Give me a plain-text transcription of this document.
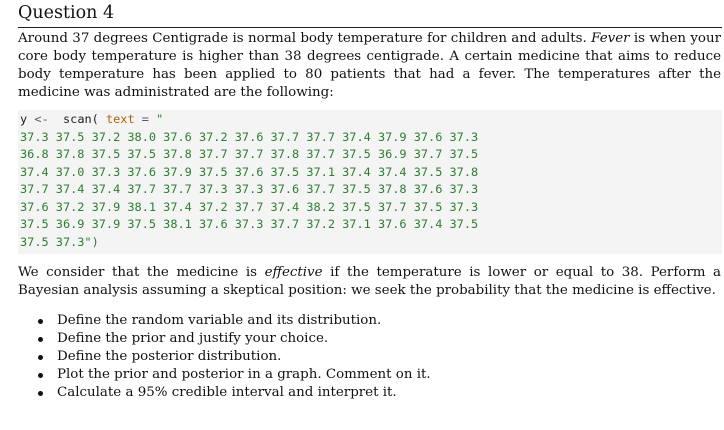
Question 4
Around 37 degrees Centigrade is normal body temperature for children and adults. Fever is when your core body temperature is higher than 38 degrees centigrade. A certain medicine that aims to reduce body temperature has been applied to 80 patients that had a fever. The temperatures after the medicine was administrated are the following:
y <- scan( text = "
37.3 37.5 37.2 38.0 37.6 37.2 37.6 37.7 37.7 37.4 37.9 37.6 37.3
36.8 37.8 37.5 37.5 37.8 37.7 37.7 37.8 37.7 37.5 36.9 37.7 37.5
37.4 37.0 37.3 37.6 37.9 37.5 37.6 37.5 37.1 37.4 37.4 37.5 37.8
37.7 37.4 37.4 37.7 37.7 37.3 37.3 37.6 37.7 37.5 37.8 37.6 37.3
37.6 37.2 37.9 38.1 37.4 37.2 37.7 37.4 38.2 37.5 37.7 37.5 37.3
37.5 36.9 37.9 37.5 38.1 37.6 37.3 37.7 37.2 37.1 37.6 37.4 37.5
37.5 37.3")
We consider that the medicine is effective if the temperature is lower or equal to 38. Perform a Bayesian analysis assuming a skeptical position: we seek the probability that the medicine is effective.
Define the random variable and its distribution.
Define the prior and justify your choice.
Define the posterior distribution.
Plot the prior and posterior in a graph. Comment on it.
Calculate a 95% credible interval and interpret it.
